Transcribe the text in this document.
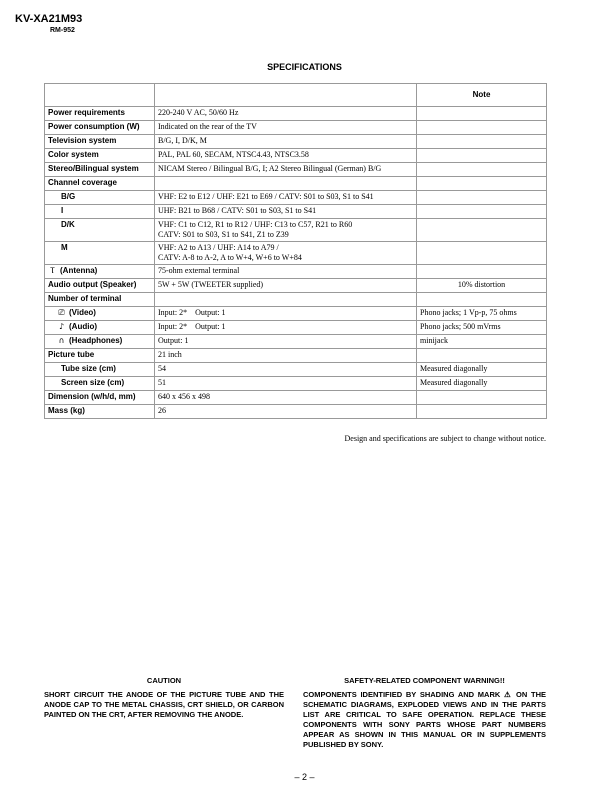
KV-XA21M93
RM-952
SPECIFICATIONS
		Note
Power requirements	220-240 V AC, 50/60 Hz	
Power consumption (W)	Indicated on the rear of the TV	
Television system	B/G, I, D/K, M	
Color system	PAL, PAL 60, SECAM, NTSC4.43, NTSC3.58	
Stereo/Bilingual system	NICAM Stereo / Bilingual B/G, I; A2 Stereo Bilingual (German) B/G	
Channel coverage		
B/G	VHF: E2 to E12 / UHF: E21 to E69 / CATV: S01 to S03, S1 to S41	
I	UHF: B21 to B68 / CATV: S01 to S03, S1 to S41	
D/K	VHF: C1 to C12, R1 to R12 / UHF: C13 to C57, R21 to R60
CATV: S01 to S03, S1 to S41, Z1 to Z39	

M	VHF: A2 to A13 / UHF: A14 to A79 /
CATV: A-8 to A-2, A to W+4, W+6 to W+84	

Ⲧ (Antenna)	75-ohm external terminal	
Audio output (Speaker)	5W + 5W (TWEETER supplied)	10% distortion
Number of terminal		
⎚ (Video)	Input: 2*    Output: 1	Phono jacks; 1 Vp-p, 75 ohms
♪ (Audio)	Input: 2*    Output: 1	Phono jacks; 500 mVrms
∩ (Headphones)	Output: 1	minijack
Picture tube	21 inch	
Tube size (cm)	54	Measured diagonally
Screen size (cm)	51	Measured diagonally
Dimension (w/h/d, mm)	640 x 456 x 498	
Mass (kg)	26	
Design and specifications are subject to change without notice.
CAUTION
SHORT CIRCUIT THE ANODE OF THE PICTURE TUBE AND THE ANODE CAP TO THE METAL CHASSIS, CRT SHIELD, OR CARBON PAINTED ON THE CRT, AFTER REMOVING THE ANODE.
SAFETY-RELATED COMPONENT WARNING!!
COMPONENTS IDENTIFIED BY SHADING AND MARK ⚠ ON THE SCHEMATIC DIAGRAMS, EXPLODED VIEWS AND IN THE PARTS LIST ARE CRITICAL TO SAFE OPERATION. REPLACE THESE COMPONENTS WITH SONY PARTS WHOSE PART NUMBERS APPEAR AS SHOWN IN THIS MANUAL OR IN SUPPLEMENTS PUBLISHED BY SONY.
– 2 –
